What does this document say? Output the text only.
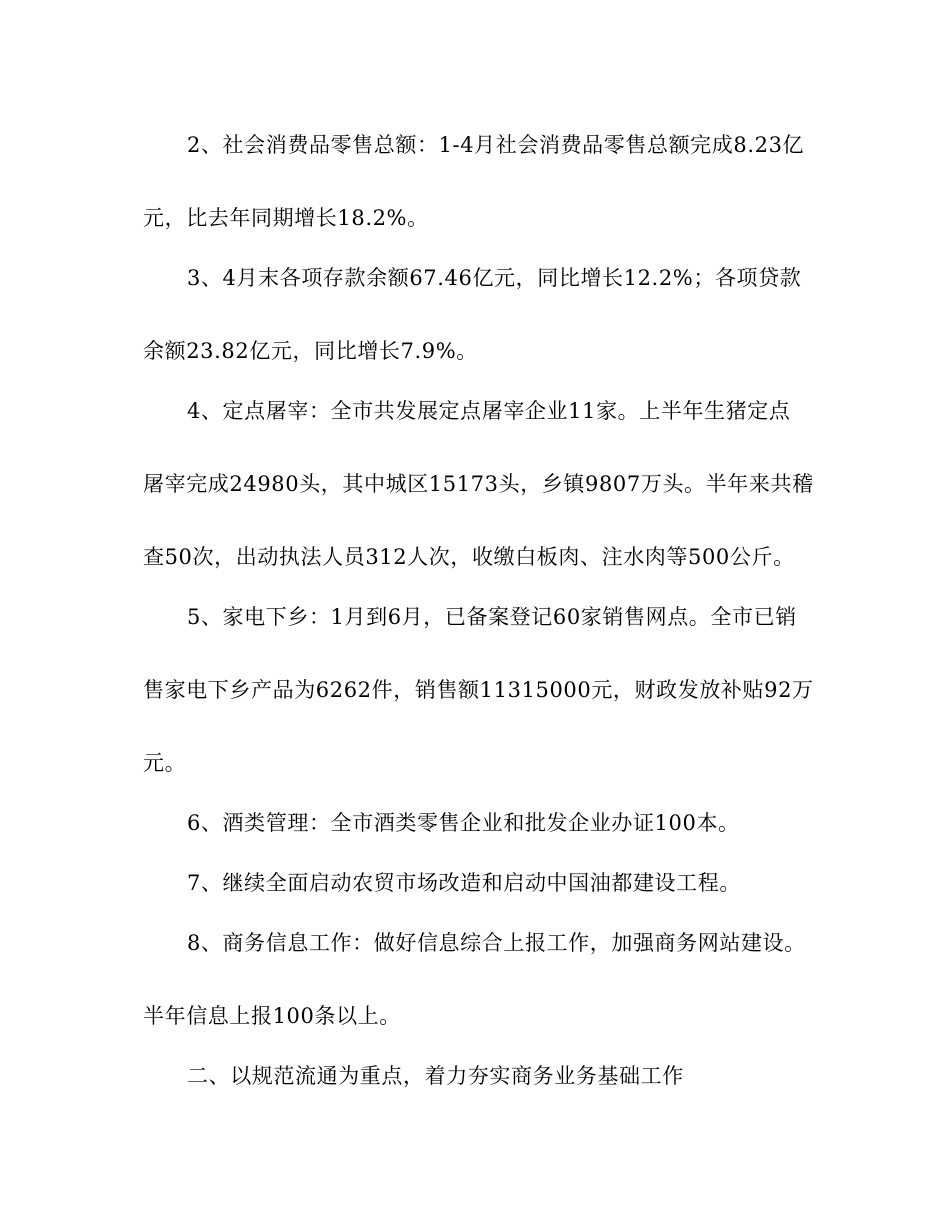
2、社会消费品零售总额：1-4月社会消费品零售总额完成8.23亿
元，比去年同期增长18.2%。
3、4月末各项存款余额67.46亿元，同比增长12.2%；各项贷款
余额23.82亿元，同比增长7.9%。
4、定点屠宰：全市共发展定点屠宰企业11家。上半年生猪定点
屠宰完成24980头，其中城区15173头，乡镇9807万头。半年来共稽
查50次，出动执法人员312人次，收缴白板肉、注水肉等500公斤。
5、家电下乡：1月到6月，已备案登记60家销售网点。全市已销
售家电下乡产品为6262件，销售额11315000元，财政发放补贴92万
元。
6、酒类管理：全市酒类零售企业和批发企业办证100本。
7、继续全面启动农贸市场改造和启动中国油都建设工程。
8、商务信息工作：做好信息综合上报工作，加强商务网站建设。
半年信息上报100条以上。
二、以规范流通为重点，着力夯实商务业务基础工作
